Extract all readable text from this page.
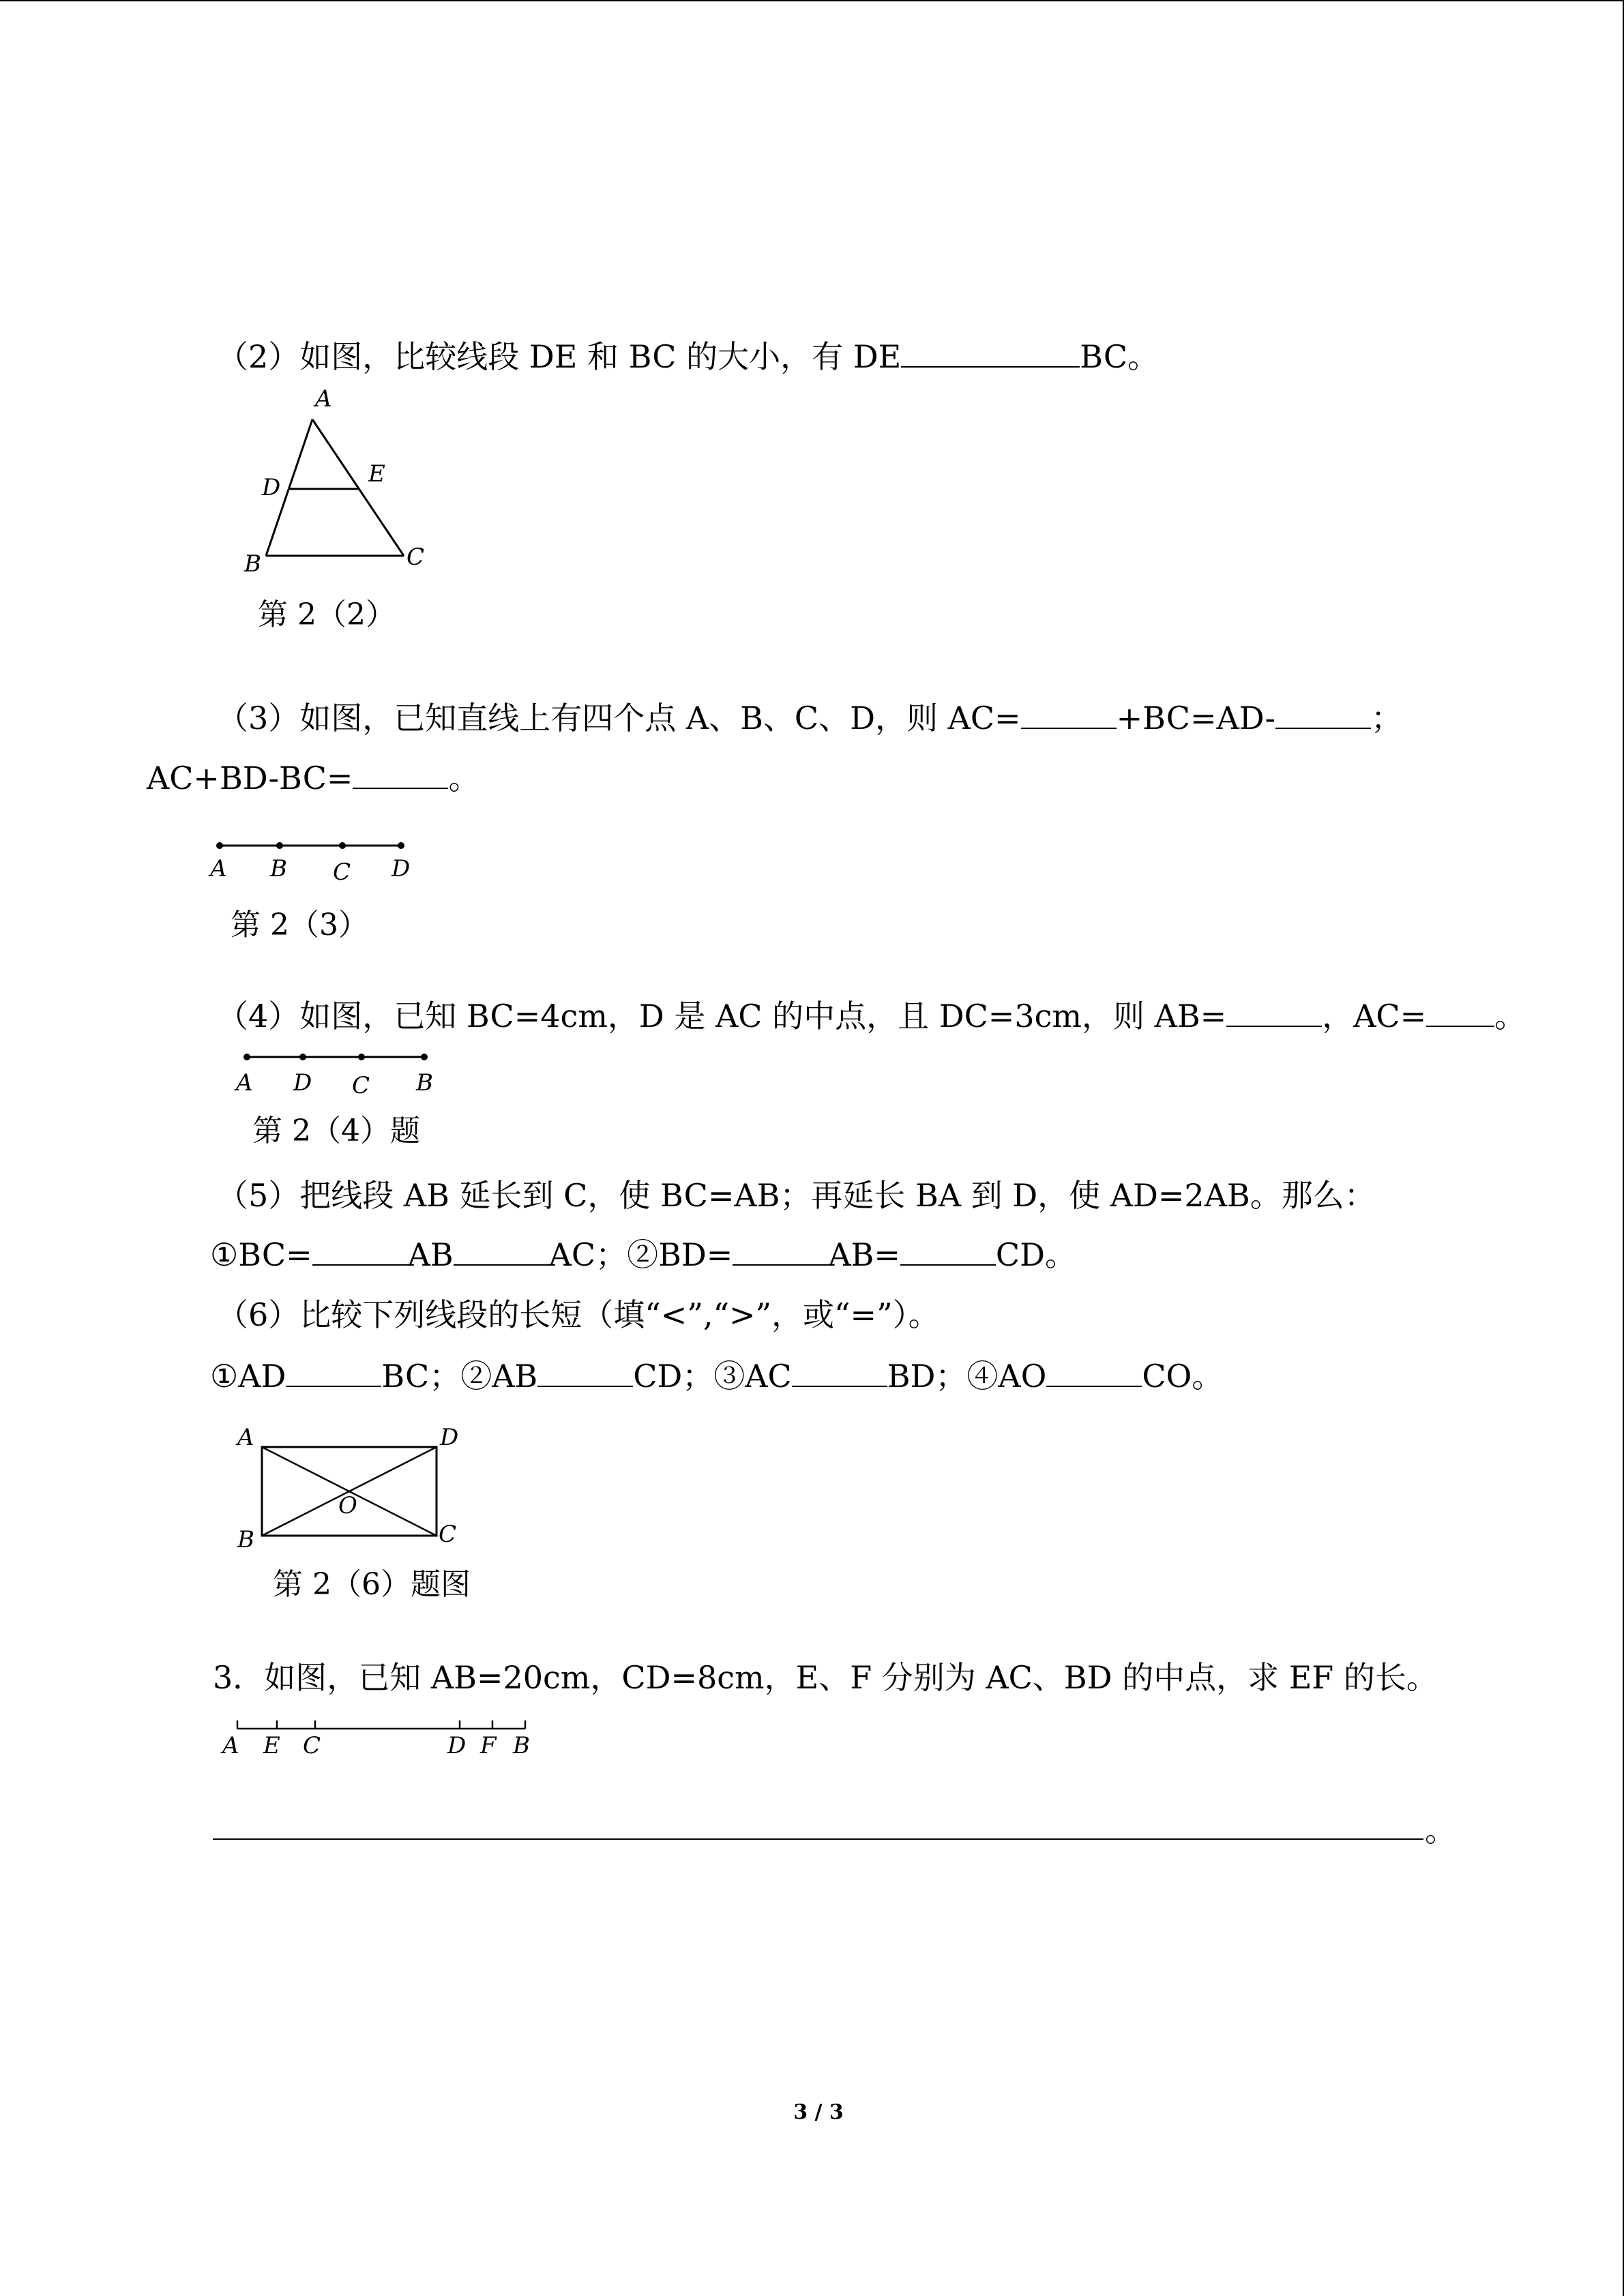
（2）如图，比较线段 DE 和 BC 的大小，有 DE	BC。
A
D	E
B	C
第 2（2）
（3）如图，已知直线上有四个点 A、B、C、D，则 AC=	+BC=AD-	；
AC+BD-BC=	。
A B C D
第 2（3）
（4）如图，已知 BC=4cm，D 是 AC 的中点，且 DC=3cm，则 AB=	，AC= 。
A D C B
第 2（4）题
（5）把线段 AB 延长到 C，使 BC=AB；再延长 BA 到 D，使 AD=2AB。那么：
①BC=	AB	AC；②BD=	AB=	CD。
（6）比较下列线段的长短（填“<”,“>”，或“=”）。
①AD	BC；②AB	CD；③AC	BD；④AO	CO。
A	D
O
B	C
第 2（6）题图
3．如图，已知 AB=20cm，CD=8cm，E、F 分别为 AC、BD 的中点，求 EF 的长。
A E C	D F B
。
3 / 3
